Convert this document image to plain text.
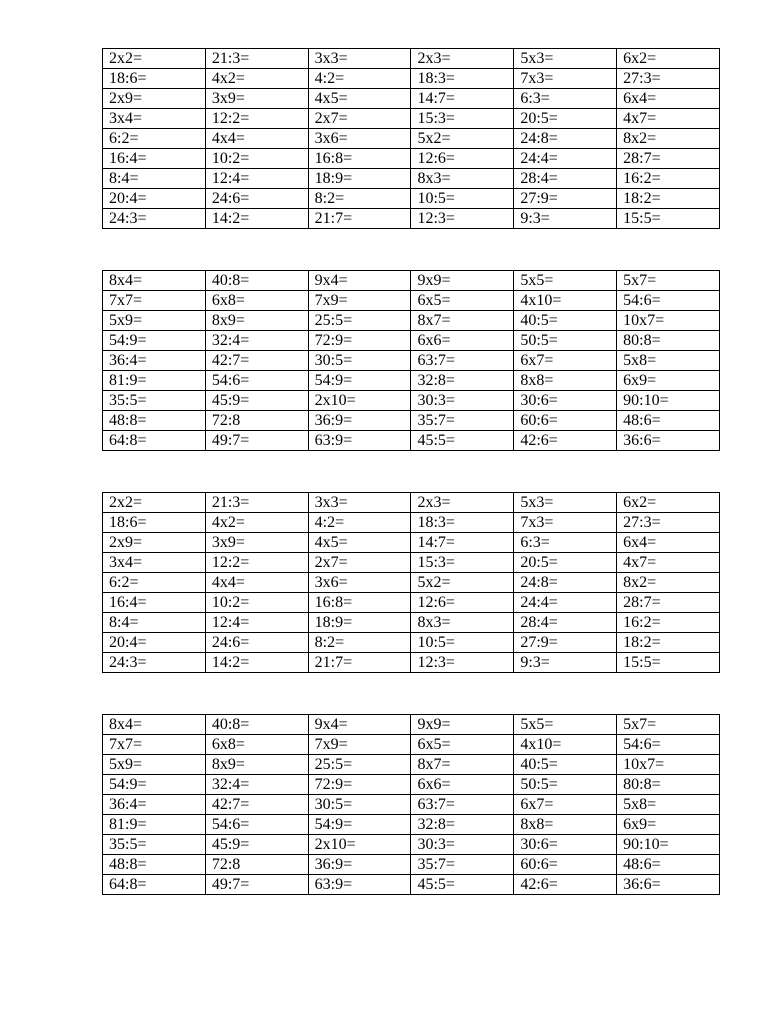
2x2=	21:3=	3x3=	2x3=	5x3=	6x2=
18:6=	4x2=	4:2=	18:3=	7x3=	27:3=
2x9=	3x9=	4x5=	14:7=	6:3=	6x4=
3x4=	12:2=	2x7=	15:3=	20:5=	4x7=
6:2=	4x4=	3x6=	5x2=	24:8=	8x2=
16:4=	10:2=	16:8=	12:6=	24:4=	28:7=
8:4=	12:4=	18:9=	8x3=	28:4=	16:2=
20:4=	24:6=	8:2=	10:5=	27:9=	18:2=
24:3=	14:2=	21:7=	12:3=	9:3=	15:5=
8x4=	40:8=	9x4=	9x9=	5x5=	5x7=
7x7=	6x8=	7x9=	6x5=	4x10=	54:6=
5x9=	8x9=	25:5=	8x7=	40:5=	10x7=
54:9=	32:4=	72:9=	6x6=	50:5=	80:8=
36:4=	42:7=	30:5=	63:7=	6x7=	5x8=
81:9=	54:6=	54:9=	32:8=	8x8=	6x9=
35:5=	45:9=	2x10=	30:3=	30:6=	90:10=
48:8=	72:8	36:9=	35:7=	60:6=	48:6=
64:8=	49:7=	63:9=	45:5=	42:6=	36:6=
2x2=	21:3=	3x3=	2x3=	5x3=	6x2=
18:6=	4x2=	4:2=	18:3=	7x3=	27:3=
2x9=	3x9=	4x5=	14:7=	6:3=	6x4=
3x4=	12:2=	2x7=	15:3=	20:5=	4x7=
6:2=	4x4=	3x6=	5x2=	24:8=	8x2=
16:4=	10:2=	16:8=	12:6=	24:4=	28:7=
8:4=	12:4=	18:9=	8x3=	28:4=	16:2=
20:4=	24:6=	8:2=	10:5=	27:9=	18:2=
24:3=	14:2=	21:7=	12:3=	9:3=	15:5=
8x4=	40:8=	9x4=	9x9=	5x5=	5x7=
7x7=	6x8=	7x9=	6x5=	4x10=	54:6=
5x9=	8x9=	25:5=	8x7=	40:5=	10x7=
54:9=	32:4=	72:9=	6x6=	50:5=	80:8=
36:4=	42:7=	30:5=	63:7=	6x7=	5x8=
81:9=	54:6=	54:9=	32:8=	8x8=	6x9=
35:5=	45:9=	2x10=	30:3=	30:6=	90:10=
48:8=	72:8	36:9=	35:7=	60:6=	48:6=
64:8=	49:7=	63:9=	45:5=	42:6=	36:6=
